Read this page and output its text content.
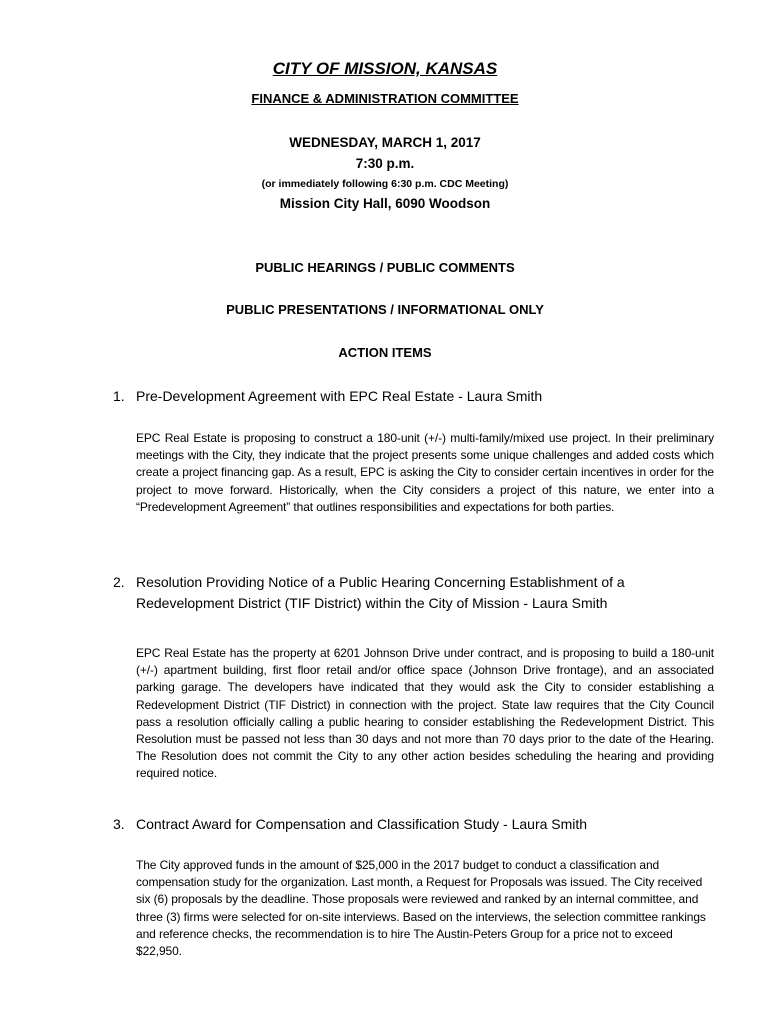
CITY OF MISSION, KANSAS
FINANCE & ADMINISTRATION COMMITTEE
WEDNESDAY, MARCH 1, 2017
7:30 p.m.
(or immediately following 6:30 p.m. CDC Meeting)
Mission City Hall, 6090 Woodson
PUBLIC HEARINGS / PUBLIC COMMENTS
PUBLIC PRESENTATIONS / INFORMATIONAL ONLY
ACTION ITEMS
1. Pre-Development Agreement with EPC Real Estate - Laura Smith
EPC Real Estate is proposing to construct a 180-unit (+/-) multi-family/mixed use project. In their preliminary meetings with the City, they indicate that the project presents some unique challenges and added costs which create a project financing gap. As a result, EPC is asking the City to consider certain incentives in order for the project to move forward. Historically, when the City considers a project of this nature, we enter into a “Predevelopment Agreement” that outlines responsibilities and expectations for both parties.
2. Resolution Providing Notice of a Public Hearing Concerning Establishment of a Redevelopment District (TIF District) within the City of Mission - Laura Smith
EPC Real Estate has the property at 6201 Johnson Drive under contract, and is proposing to build a 180-unit (+/-) apartment building, first floor retail and/or office space (Johnson Drive frontage), and an associated parking garage. The developers have indicated that they would ask the City to consider establishing a Redevelopment District (TIF District) in connection with the project. State law requires that the City Council pass a resolution officially calling a public hearing to consider establishing the Redevelopment District. This Resolution must be passed not less than 30 days and not more than 70 days prior to the date of the Hearing. The Resolution does not commit the City to any other action besides scheduling the hearing and providing required notice.
3. Contract Award for Compensation and Classification Study - Laura Smith
The City approved funds in the amount of $25,000 in the 2017 budget to conduct a classification and compensation study for the organization. Last month, a Request for Proposals was issued. The City received six (6) proposals by the deadline. Those proposals were reviewed and ranked by an internal committee, and three (3) firms were selected for on-site interviews. Based on the interviews, the selection committee rankings and reference checks, the recommendation is to hire The Austin-Peters Group for a price not to exceed $22,950.
